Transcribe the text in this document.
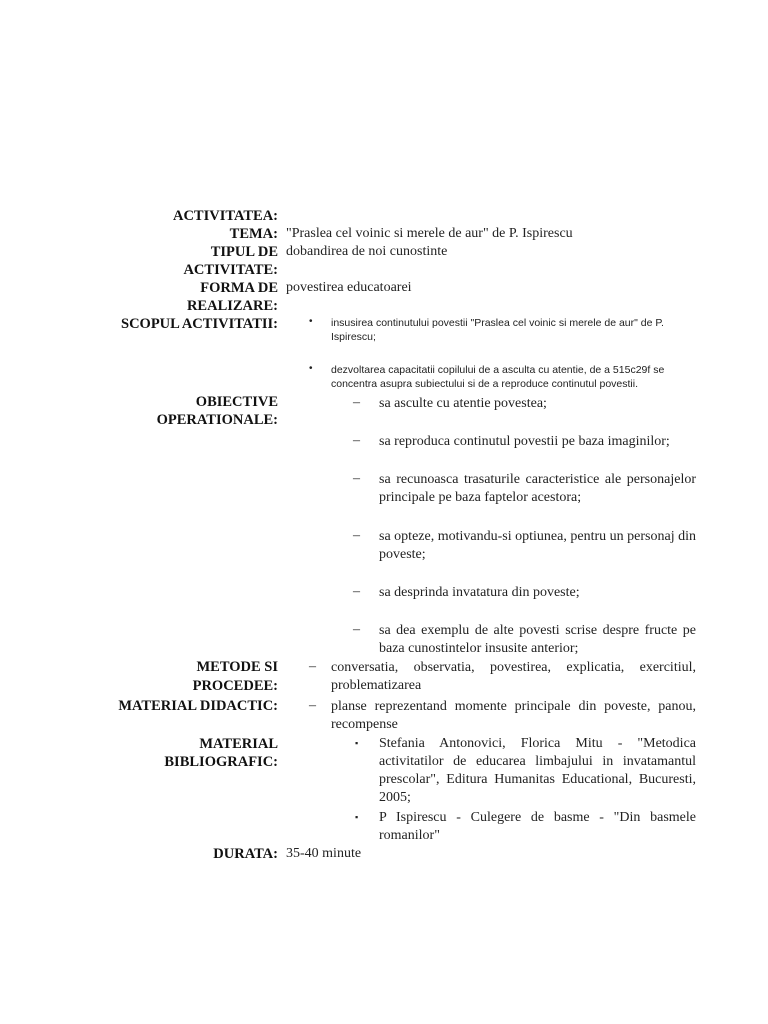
ACTIVITATEA:
TEMA:
TIPUL DE
ACTIVITATE:
FORMA DE
REALIZARE:
SCOPUL ACTIVITATII:
OBIECTIVE
OPERATIONALE:
METODE SI
PROCEDEE:
MATERIAL DIDACTIC:
MATERIAL
BIBLIOGRAFIC:
DURATA:
"Praslea cel voinic si merele de aur" de P. Ispirescu
dobandirea de noi cunostinte
povestirea educatoarei
35-40 minute
• insusirea continutului povestii "Praslea cel voinic si merele de aur" de P. Ispirescu;
• dezvoltarea capacitatii copilului de a asculta cu atentie, de a 515c29f se concentra asupra subiectului si de a reproduce continutul povestii.
– sa asculte cu atentie povestea;
– sa reproduca continutul povestii pe baza imaginilor;
– sa recunoasca trasaturile caracteristice ale personajelor principale pe baza faptelor acestora;
– sa opteze, motivandu-si optiunea, pentru un personaj din poveste;
– sa desprinda invatatura din poveste;
– sa dea exemplu de alte povesti scrise despre fructe pe baza cunostintelor insusite anterior;
– conversatia, observatia, povestirea, explicatia, exercitiul, problematizarea
– planse reprezentand momente principale din poveste, panou, recompense
▪ Stefania Antonovici, Florica Mitu - "Metodica activitatilor de educarea limbajului in invatamantul prescolar", Editura Humanitas Educational, Bucuresti, 2005;
▪ P Ispirescu - Culegere de basme - "Din basmele romanilor"
